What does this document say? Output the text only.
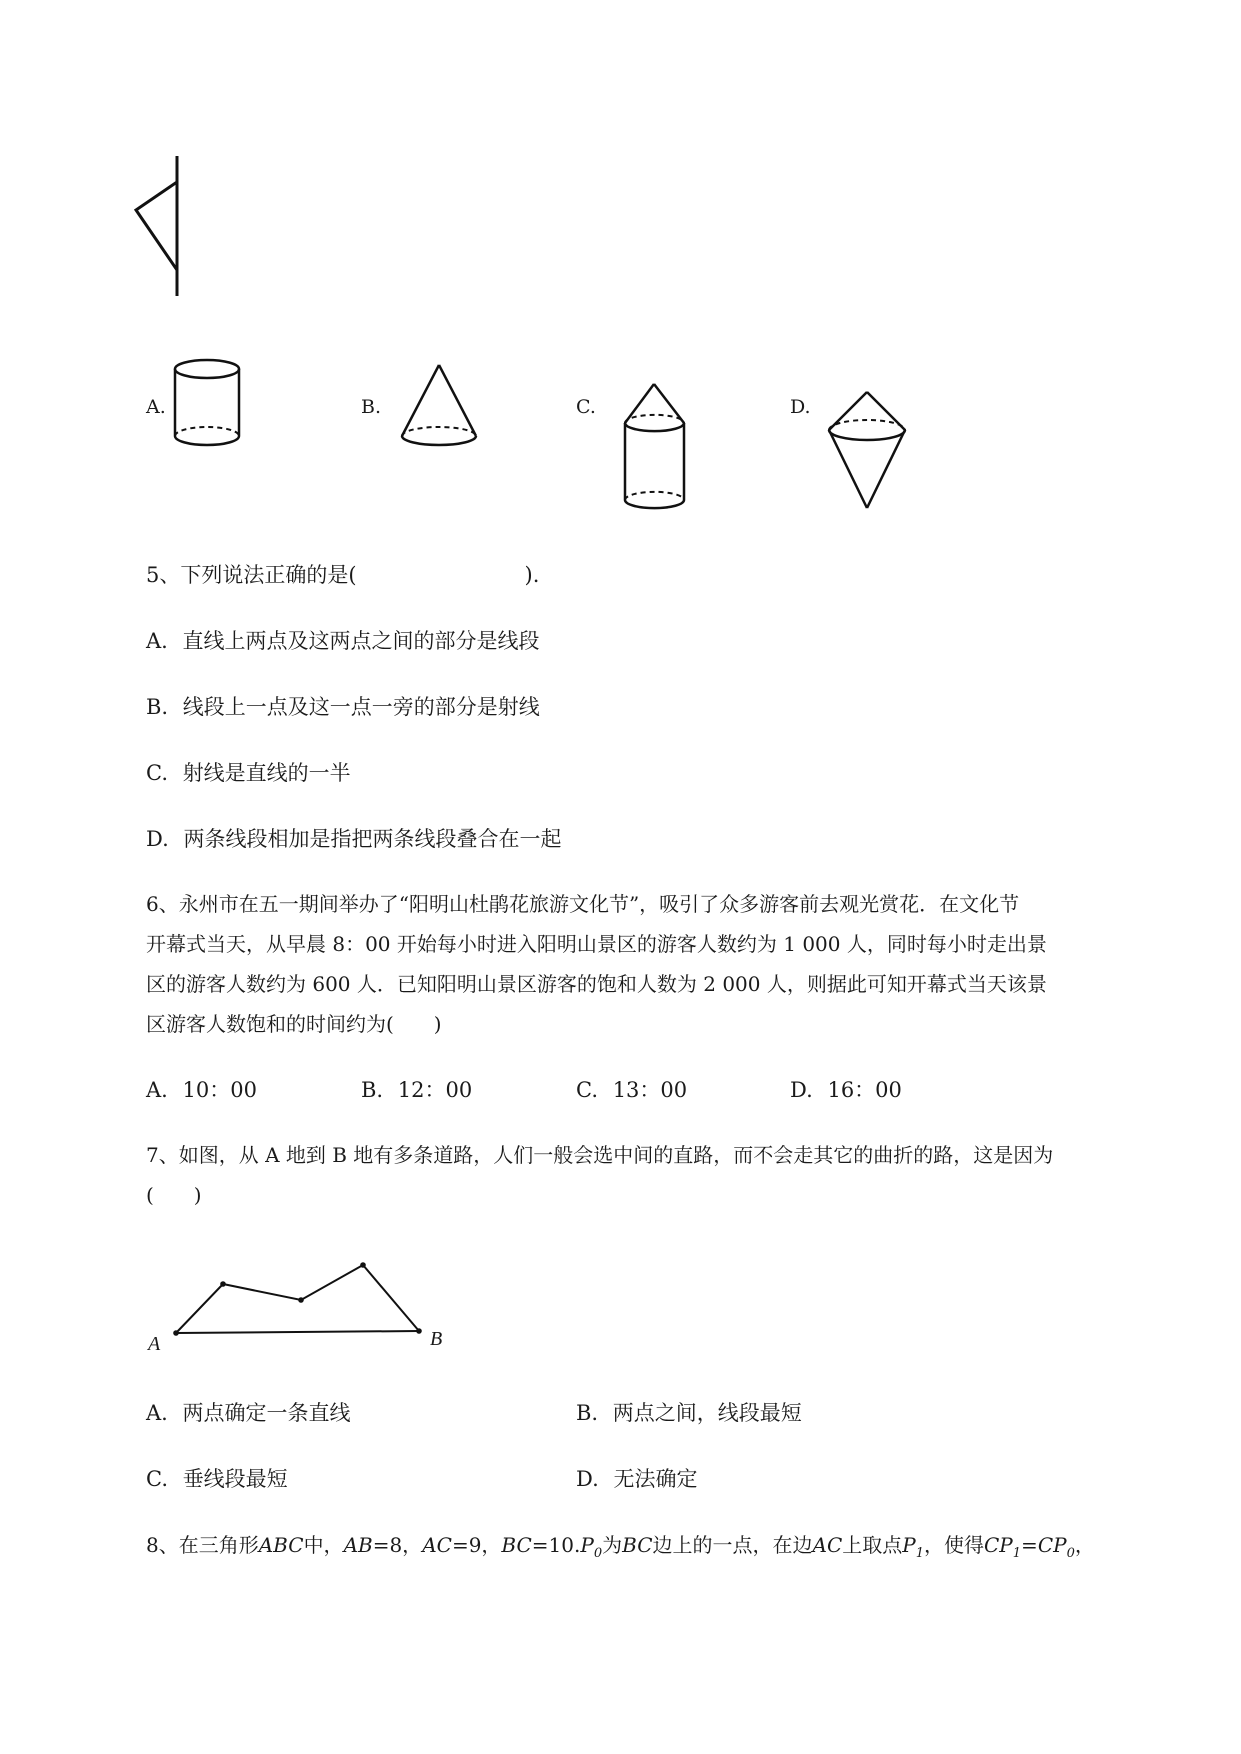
A.	B.	C.	D.
5、下列说法正确的是(　　　　　　　　).
A. 直线上两点及这两点之间的部分是线段
B. 线段上一点及这一点一旁的部分是射线
C. 射线是直线的一半
D. 两条线段相加是指把两条线段叠合在一起
6、永州市在五一期间举办了“阳明山杜鹃花旅游文化节”，吸引了众多游客前去观光赏花．在文化节
开幕式当天，从早晨 8：00 开始每小时进入阳明山景区的游客人数约为 1 000 人，同时每小时走出景
区的游客人数约为 600 人．已知阳明山景区游客的饱和人数为 2 000 人，则据此可知开幕式当天该景
区游客人数饱和的时间约为(　　)
A. 10：00	B. 12：00	C. 13：00	D. 16：00
7、如图，从 A 地到 B 地有多条道路，人们一般会选中间的直路，而不会走其它的曲折的路，这是因为
(　　)
A	B
A. 两点确定一条直线	B. 两点之间，线段最短
C. 垂线段最短	D. 无法确定
8、在三角形ABC中，AB=8，AC=9，$BC=10.P_0$为BC边上的一点，在边AC上取点$P_1$，使得$CP_1=CP_0$，
